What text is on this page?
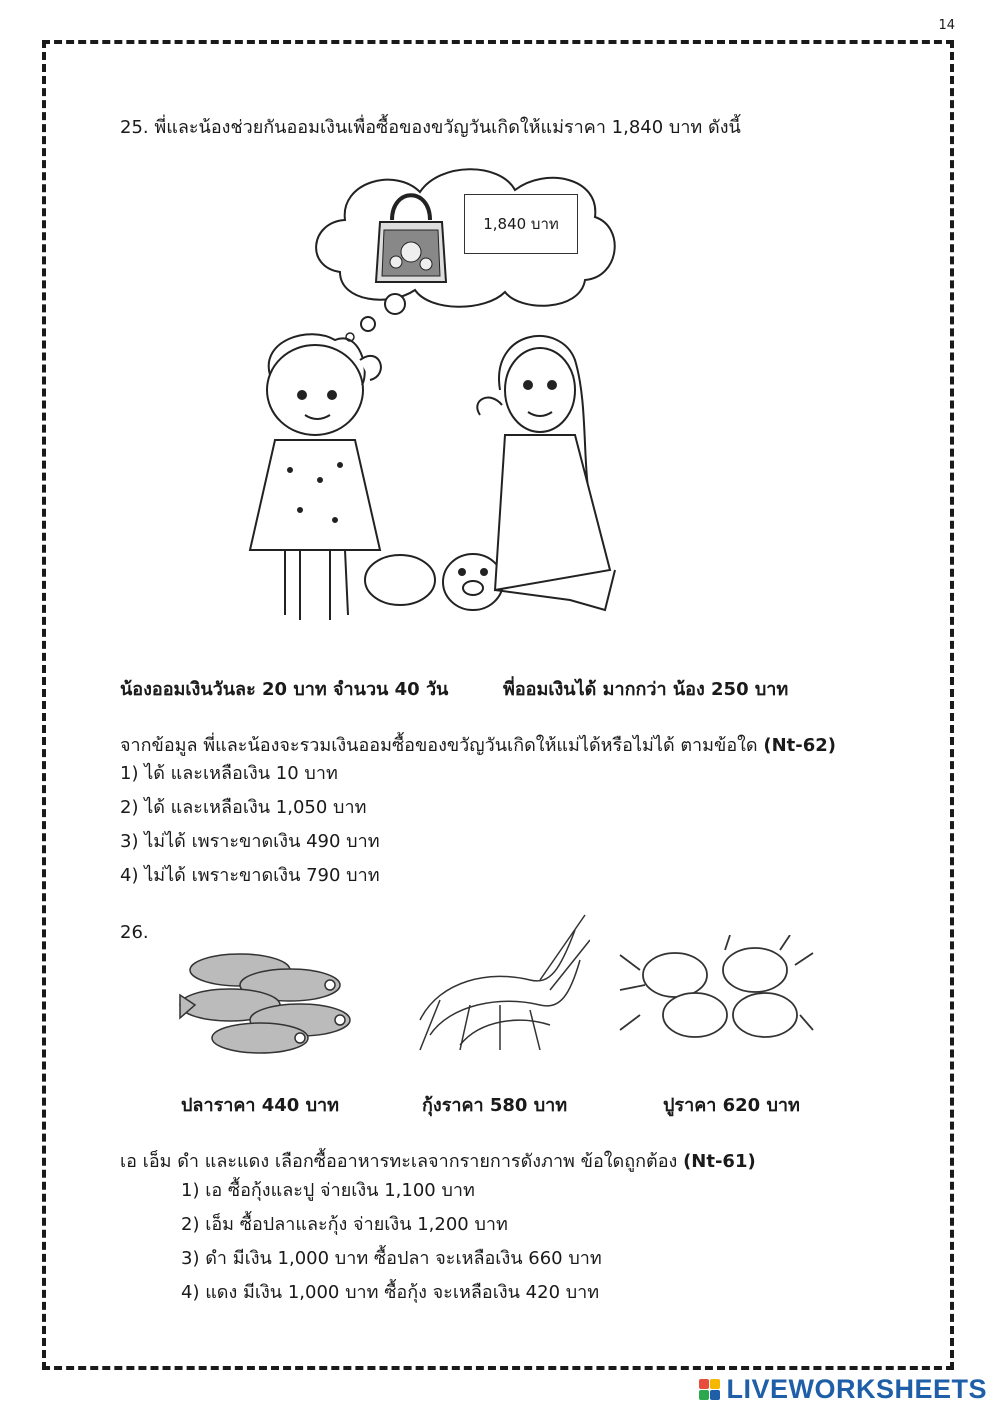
14
25. พี่และน้องช่วยกันออมเงินเพื่อซื้อของขวัญวันเกิดให้แม่ราคา 1,840 บาท ดังนี้
1,840 บาท
น้องออมเงินวันละ 20 บาท จำนวน 40 วัน	พี่ออมเงินได้ มากกว่า น้อง 250 บาท
จากข้อมูล พี่และน้องจะรวมเงินออมซื้อของขวัญวันเกิดให้แม่ได้หรือไม่ได้ ตามข้อใด (Nt-62)
1) ได้ และเหลือเงิน 10 บาท
2) ได้ และเหลือเงิน 1,050 บาท
3) ไม่ได้ เพราะขาดเงิน 490 บาท
4) ไม่ได้ เพราะขาดเงิน 790 บาท
26.
ปลาราคา 440 บาท	กุ้งราคา 580 บาท	ปูราคา 620 บาท
เอ เอ็ม ดำ และแดง เลือกซื้ออาหารทะเลจากรายการดังภาพ ข้อใดถูกต้อง (Nt-61)
1) เอ ซื้อกุ้งและปู จ่ายเงิน 1,100 บาท
2) เอ็ม ซื้อปลาและกุ้ง จ่ายเงิน 1,200 บาท
3) ดำ มีเงิน 1,000 บาท ซื้อปลา จะเหลือเงิน 660 บาท
4) แดง มีเงิน 1,000 บาท ซื้อกุ้ง จะเหลือเงิน 420 บาท
LIVEWORKSHEETS
